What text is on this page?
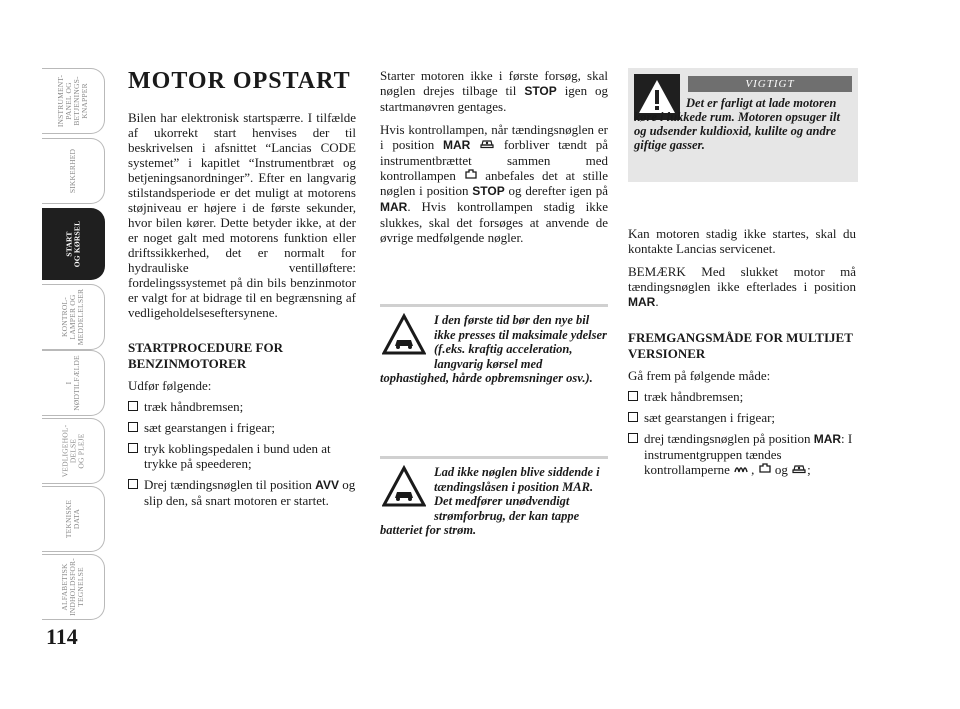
INSTRUMENT-
PANEL OG
BETJENINGS-
KNAPPER
SIKKERHED
START
OG KØRSEL
KONTROL-
LAMPER OG
MEDDELELSER
I
NØDTILFÆLDE
VEDLIGEHOL-
DELSE
OG PLEJE
TEKNISKE
DATA
ALFABETISK
INDHOLDSFOR-
TEGNELSE
114
MOTOR OPSTART

Bilen har elektronisk startspærre. I tilfælde af ukorrekt start henvises der til beskrivelsen i afsnittet “Lancias CODE systemet” i kapitlet “Instrumentbræt og betjeningsanordninger”. Efter en langvarig stilstandsperiode er det muligt at motorens støjniveau er højere i de første sekunder, hvor bilen kører. Dette betyder ikke, at der er noget galt med motorens funktion eller driftssikkerhed, det er normalt for hydrauliske ventilløftere: fordelingssystemet på din bils benzinmotor er valgt for at bidrage til en begrænsning af vedligeholdelseseftersynene.

STARTPROCEDURE FOR BENZINMOTORER

Udfør følgende:

træk håndbremsen;
sæt gearstangen i frigear;
tryk koblingspedalen i bund uden at trykke på speederen;
Drej tændingsnøglen til position AVV og slip den, så snart motoren er startet.

Starter motoren ikke i første forsøg, skal nøglen drejes tilbage til STOP igen og startmanøvren gentages.

Hvis kontrollampen, når tændingsnøglen er i position MAR	forbliver tændt på instrumentbrættet sammen med kontrollampen  anbefales det at stille nøglen i position STOP og derefter igen på MAR. Hvis kontrollampen stadig ikke slukkes, skal det forsøges at anvende de øvrige medfølgende nøgler.

I den første tid bør den nye bil ikke presses til maksimale ydelser (f.eks. kraftig acceleration, langvarig kørsel med tophastighed, hårde opbremsninger osv.).
Lad ikke nøglen blive siddende i tændingslåsen i position MAR. Det medfører unødvendigt strømforbrug, der kan tappe batteriet for strøm.
VIGTIGT
Det er farligt at lade motoren køre i lukkede rum. Motoren opsuger ilt og udsender kuldioxid, kulilte og andre giftige gasser.

Kan motoren stadig ikke startes, skal du kontakte Lancias servicenet.

BEMÆRK Med slukket motor må tændingsnøglen ikke efterlades i position MAR.

FREMGANGSMÅDE FOR MULTIJET VERSIONER

Gå frem på følgende måde:

træk håndbremsen;
sæt gearstangen i frigear;
drej tændingsnøglen på position MAR: I instrumentgruppen tændes kontrollamperne ,  og ;
